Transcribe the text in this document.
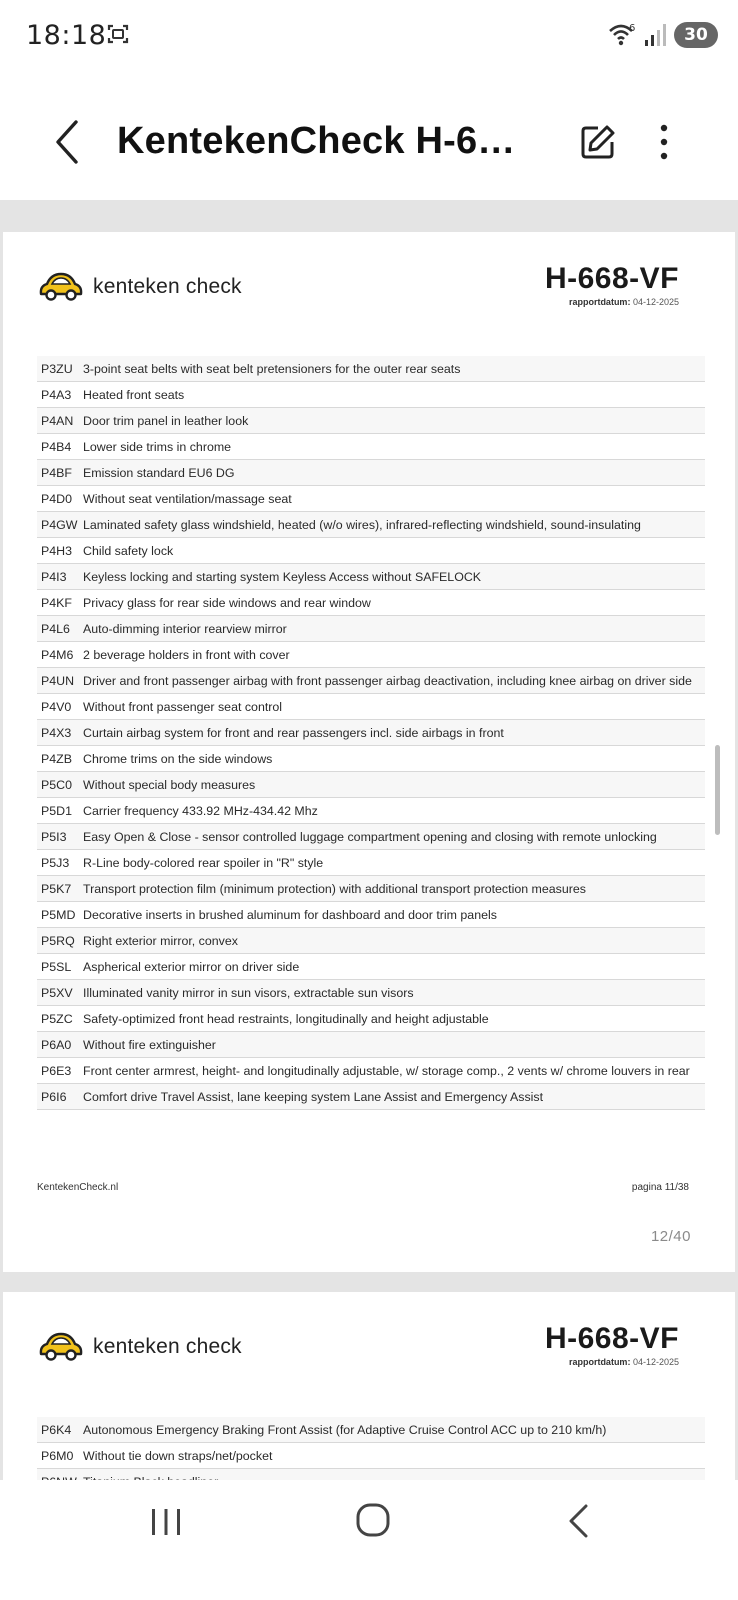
18:18	6	30
KentekenCheck H-6…
kenteken check	H-668-VF
rapportdatum: 04-12-2025
P3ZU 3-point seat belts with seat belt pretensioners for the outer rear seats
P4A3 Heated front seats
P4AN Door trim panel in leather look
P4B4 Lower side trims in chrome
P4BF Emission standard EU6 DG
P4D0 Without seat ventilation/massage seat
P4GW Laminated safety glass windshield, heated (w/o wires), infrared-reflecting windshield, sound-insulating
P4H3 Child safety lock
P4I3	Keyless locking and starting system Keyless Access without SAFELOCK
P4KF Privacy glass for rear side windows and rear window
P4L6	Auto-dimming interior rearview mirror
P4M6 2 beverage holders in front with cover
P4UN Driver and front passenger airbag with front passenger airbag deactivation, including knee airbag on driver side
P4V0 Without front passenger seat control
P4X3 Curtain airbag system for front and rear passengers incl. side airbags in front
P4ZB Chrome trims on the side windows
P5C0 Without special body measures
P5D1 Carrier frequency 433.92 MHz-434.42 Mhz
P5I3	Easy Open & Close - sensor controlled luggage compartment opening and closing with remote unlocking
P5J3	R-Line body-colored rear spoiler in "R" style
P5K7 Transport protection film (minimum protection) with additional transport protection measures
P5MD Decorative inserts in brushed aluminum for dashboard and door trim panels
P5RQ Right exterior mirror, convex
P5SL Aspherical exterior mirror on driver side
P5XV Illuminated vanity mirror in sun visors, extractable sun visors
P5ZC Safety-optimized front head restraints, longitudinally and height adjustable
P6A0 Without fire extinguisher
P6E3 Front center armrest, height- and longitudinally adjustable, w/ storage comp., 2 vents w/ chrome louvers in rear
P6I6	Comfort drive Travel Assist, lane keeping system Lane Assist and Emergency Assist
KentekenCheck.nl	pagina 11/38
12/40
kenteken check	H-668-VF
rapportdatum: 04-12-2025
P6K4 Autonomous Emergency Braking Front Assist (for Adaptive Cruise Control ACC up to 210 km/h)
P6M0 Without tie down straps/net/pocket
